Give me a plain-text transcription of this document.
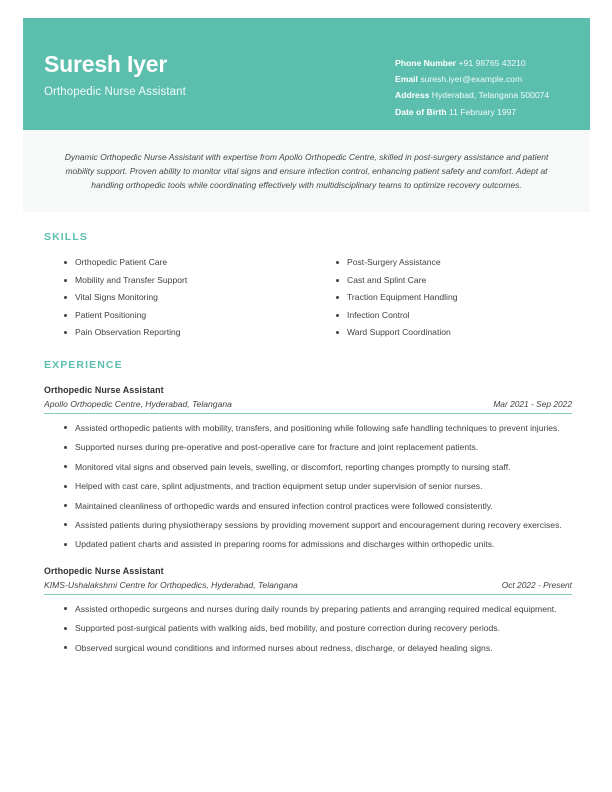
Suresh Iyer
Orthopedic Nurse Assistant
Phone Number +91 98765 43210
Email suresh.iyer@example.com
Address Hyderabad, Telangana 500074
Date of Birth 11 February 1997
Dynamic Orthopedic Nurse Assistant with expertise from Apollo Orthopedic Centre, skilled in post-surgery assistance and patient mobility support. Proven ability to monitor vital signs and ensure infection control, enhancing patient safety and comfort. Adept at handling orthopedic tools while coordinating effectively with multidisciplinary teams to optimize recovery outcomes.
SKILLS
Orthopedic Patient Care	Post-Surgery Assistance
Mobility and Transfer Support	Cast and Splint Care
Vital Signs Monitoring	Traction Equipment Handling
Patient Positioning	Infection Control
Pain Observation Reporting	Ward Support Coordination
EXPERIENCE
Orthopedic Nurse Assistant
Apollo Orthopedic Centre, Hyderabad, Telangana	Mar 2021 - Sep 2022
Assisted orthopedic patients with mobility, transfers, and positioning while following safe handling techniques to prevent injuries.
Supported nurses during pre-operative and post-operative care for fracture and joint replacement patients.
Monitored vital signs and observed pain levels, swelling, or discomfort, reporting changes promptly to nursing staff.
Helped with cast care, splint adjustments, and traction equipment setup under supervision of senior nurses.
Maintained cleanliness of orthopedic wards and ensured infection control practices were followed consistently.
Assisted patients during physiotherapy sessions by providing movement support and encouragement during recovery exercises.
Updated patient charts and assisted in preparing rooms for admissions and discharges within orthopedic units.
Orthopedic Nurse Assistant
KIMS-Ushalakshmi Centre for Orthopedics, Hyderabad, Telangana	Oct 2022 - Present
Assisted orthopedic surgeons and nurses during daily rounds by preparing patients and arranging required medical equipment.
Supported post-surgical patients with walking aids, bed mobility, and posture correction during recovery periods.
Observed surgical wound conditions and informed nurses about redness, discharge, or delayed healing signs.
